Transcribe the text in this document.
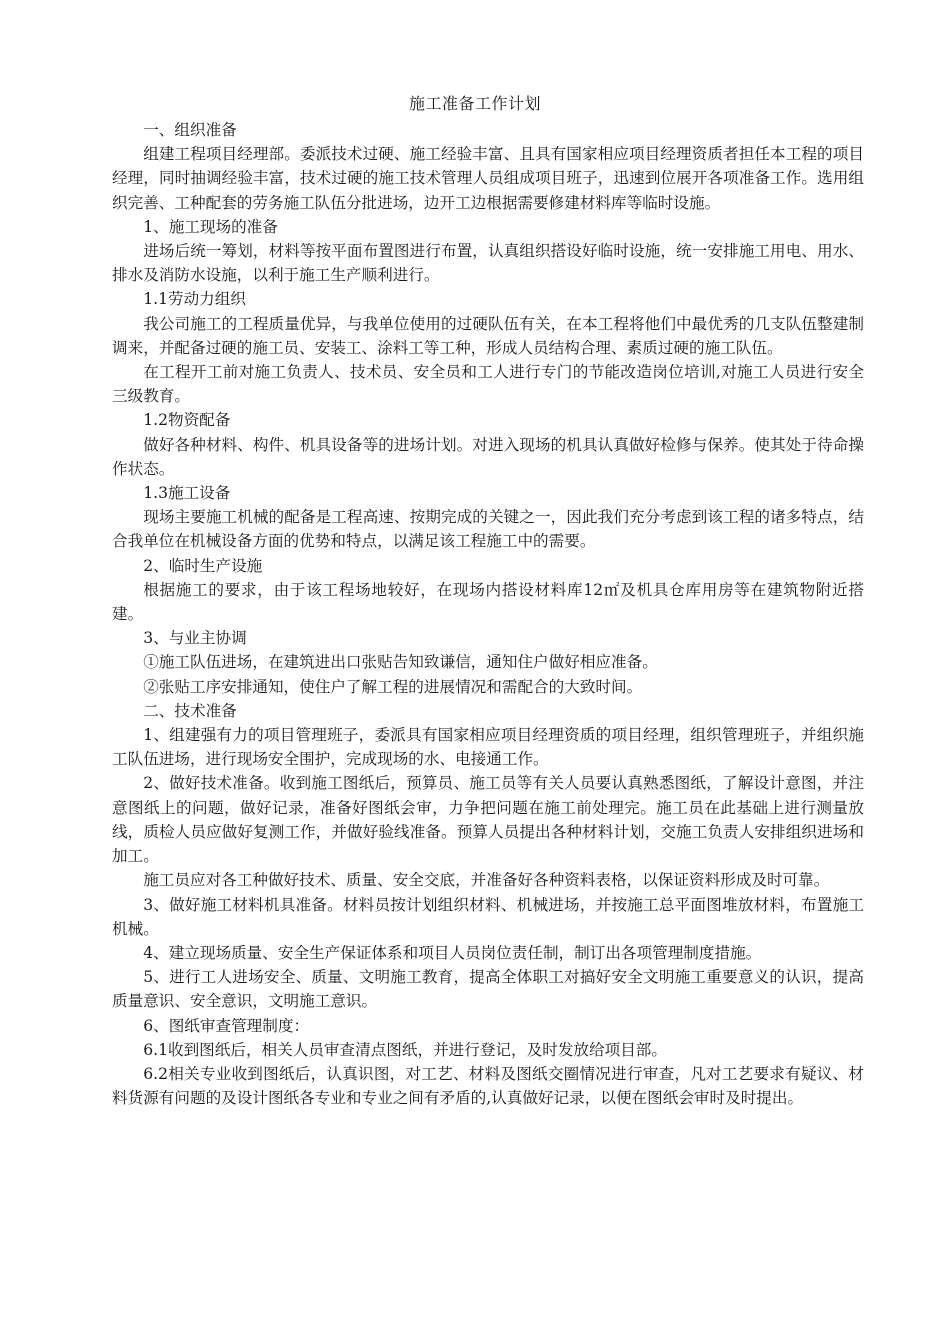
施工准备工作计划

一、组织准备

组建工程项目经理部。委派技术过硬、施工经验丰富、且具有国家相应项目经理资质者担任本工程的项目经理，同时抽调经验丰富，技术过硬的施工技术管理人员组成项目班子，迅速到位展开各项准备工作。选用组织完善、工种配套的劳务施工队伍分批进场，边开工边根据需要修建材料库等临时设施。

1、施工现场的准备

进场后统一筹划，材料等按平面布置图进行布置，认真组织搭设好临时设施，统一安排施工用电、用水、排水及消防水设施，以利于施工生产顺利进行。

1.1劳动力组织

我公司施工的工程质量优异，与我单位使用的过硬队伍有关，在本工程将他们中最优秀的几支队伍整建制调来，并配备过硬的施工员、安装工、涂料工等工种，形成人员结构合理、素质过硬的施工队伍。

在工程开工前对施工负责人、技术员、安全员和工人进行专门的节能改造岗位培训,对施工人员进行安全三级教育。

1.2物资配备

做好各种材料、构件、机具设备等的进场计划。对进入现场的机具认真做好检修与保养。使其处于待命操作状态。

1.3施工设备

现场主要施工机械的配备是工程高速、按期完成的关键之一，因此我们充分考虑到该工程的诸多特点，结合我单位在机械设备方面的优势和特点，以满足该工程施工中的需要。

2、临时生产设施

根据施工的要求，由于该工程场地较好，在现场内搭设材料库12㎡及机具仓库用房等在建筑物附近搭建。

3、与业主协调

①施工队伍进场，在建筑进出口张贴告知致谦信，通知住户做好相应准备。

②张贴工序安排通知，使住户了解工程的进展情况和需配合的大致时间。

二、技术准备

1、组建强有力的项目管理班子，委派具有国家相应项目经理资质的项目经理，组织管理班子，并组织施工队伍进场，进行现场安全围护，完成现场的水、电接通工作。

2、做好技术准备。收到施工图纸后，预算员、施工员等有关人员要认真熟悉图纸，了解设计意图，并注意图纸上的问题，做好记录，准备好图纸会审，力争把问题在施工前处理完。施工员在此基础上进行测量放线，质检人员应做好复测工作，并做好验线准备。预算人员提出各种材料计划，交施工负责人安排组织进场和加工。

施工员应对各工种做好技术、质量、安全交底，并准备好各种资料表格，以保证资料形成及时可靠。

3、做好施工材料机具准备。材料员按计划组织材料、机械进场，并按施工总平面图堆放材料，布置施工机械。

4、建立现场质量、安全生产保证体系和项目人员岗位责任制，制订出各项管理制度措施。

5、进行工人进场安全、质量、文明施工教育，提高全体职工对搞好安全文明施工重要意义的认识，提高质量意识、安全意识，文明施工意识。

6、图纸审查管理制度：

6.1收到图纸后，相关人员审查清点图纸，并进行登记，及时发放给项目部。

6.2相关专业收到图纸后，认真识图，对工艺、材料及图纸交圈情况进行审查，凡对工艺要求有疑议、材料货源有问题的及设计图纸各专业和专业之间有矛盾的,认真做好记录，以便在图纸会审时及时提出。
